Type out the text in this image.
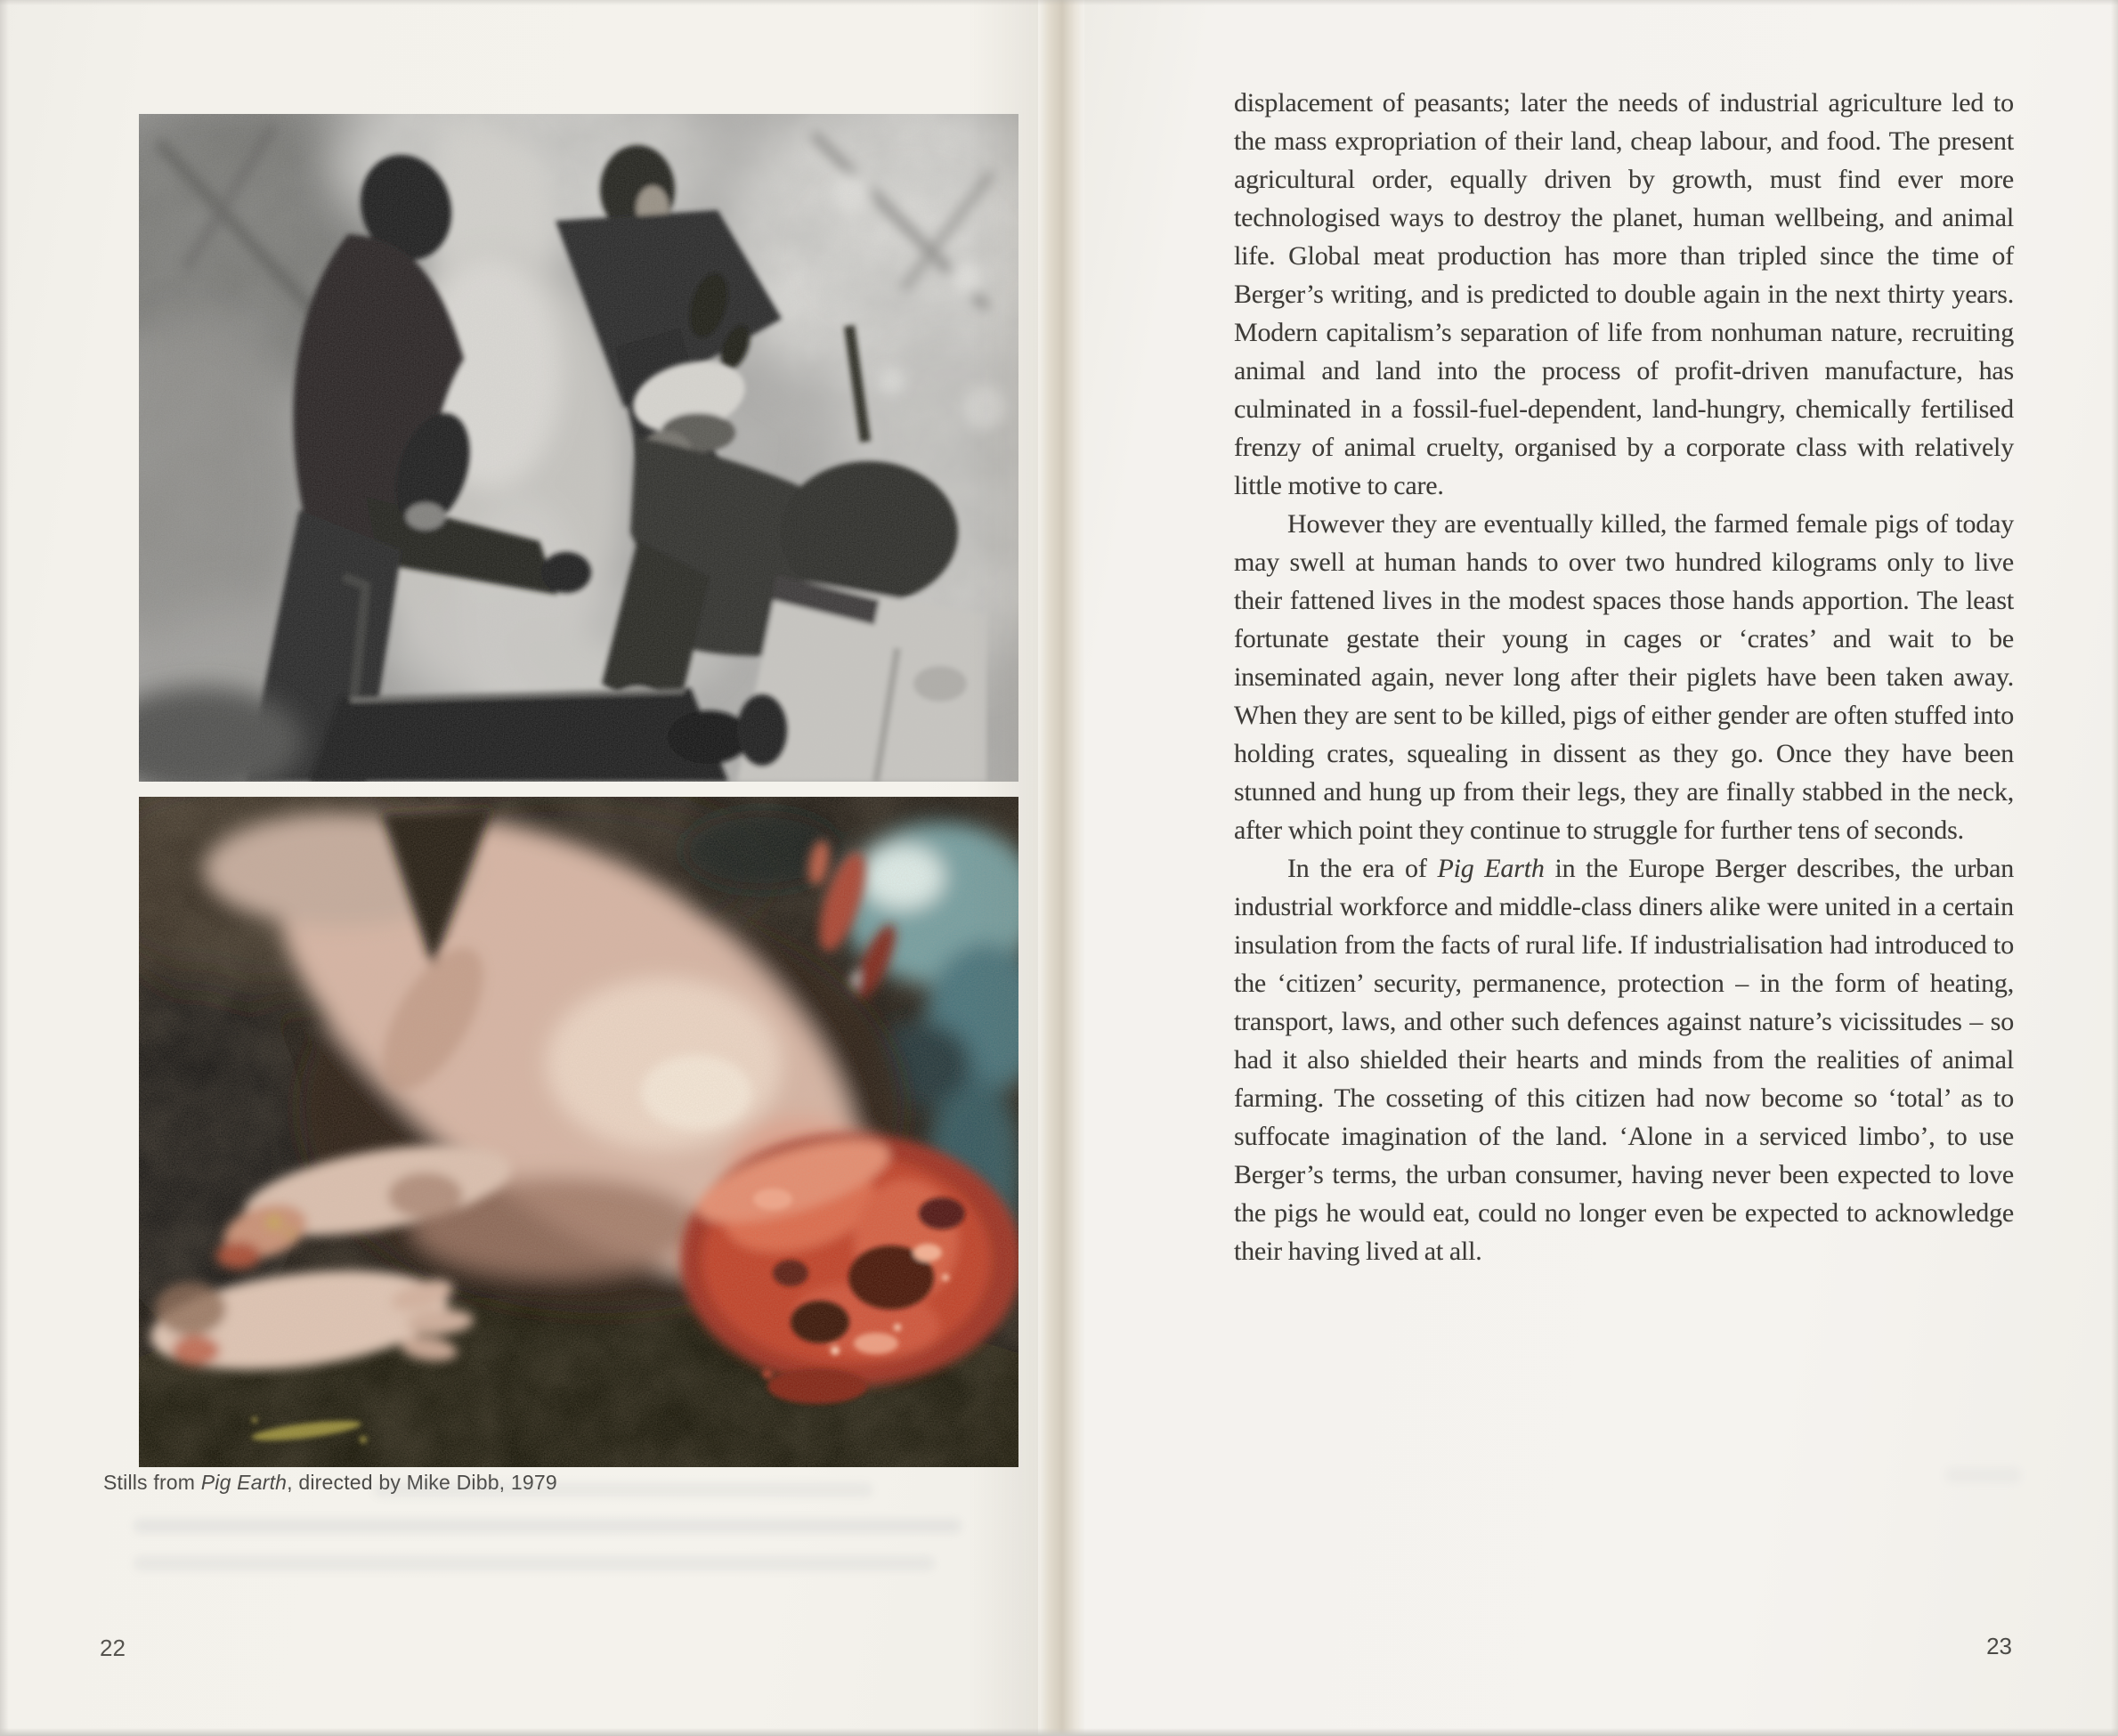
Stills from Pig Earth, directed by Mike Dibb, 1979
22

displacement of peasants; later the needs of industrial agriculture led to the mass expropriation of their land, cheap labour, and food. The present agricultural order, equally driven by growth, must find ever more technologised ways to destroy the planet, human wellbeing, and animal life. Global meat production has more than tripled since the time of Berger’s writing, and is predicted to double again in the next thirty years. Modern capitalism’s separation of life from nonhuman nature, recruiting animal and land into the process of profit-driven manufacture, has culminated in a fossil-fuel-dependent, land-hungry, chemically fertilised frenzy of animal cruelty, organised by a corporate class with relatively little motive to care.

However they are eventually killed, the farmed female pigs of today may swell at human hands to over two hundred kilograms only to live their fattened lives in the modest spaces those hands apportion. The least fortunate gestate their young in cages or ‘crates’ and wait to be inseminated again, never long after their piglets have been taken away. When they are sent to be killed, pigs of either gender are often stuffed into holding crates, squealing in dissent as they go. Once they have been stunned and hung up from their legs, they are finally stabbed in the neck, after which point they continue to struggle for further tens of seconds.

In the era of Pig Earth in the Europe Berger describes, the urban industrial workforce and middle-class diners alike were united in a certain insulation from the facts of rural life. If industrialisation had introduced to the ‘citizen’ security, permanence, protection – in the form of heating, transport, laws, and other such defences against nature’s vicissitudes – so had it also shielded their hearts and minds from the realities of animal farming. The cosseting of this citizen had now become so ‘total’ as to suffocate imagination of the land. ‘Alone in a serviced limbo’, to use Berger’s terms, the urban consumer, having never been expected to love the pigs he would eat, could no longer even be expected to acknowledge their having lived at all.

23
